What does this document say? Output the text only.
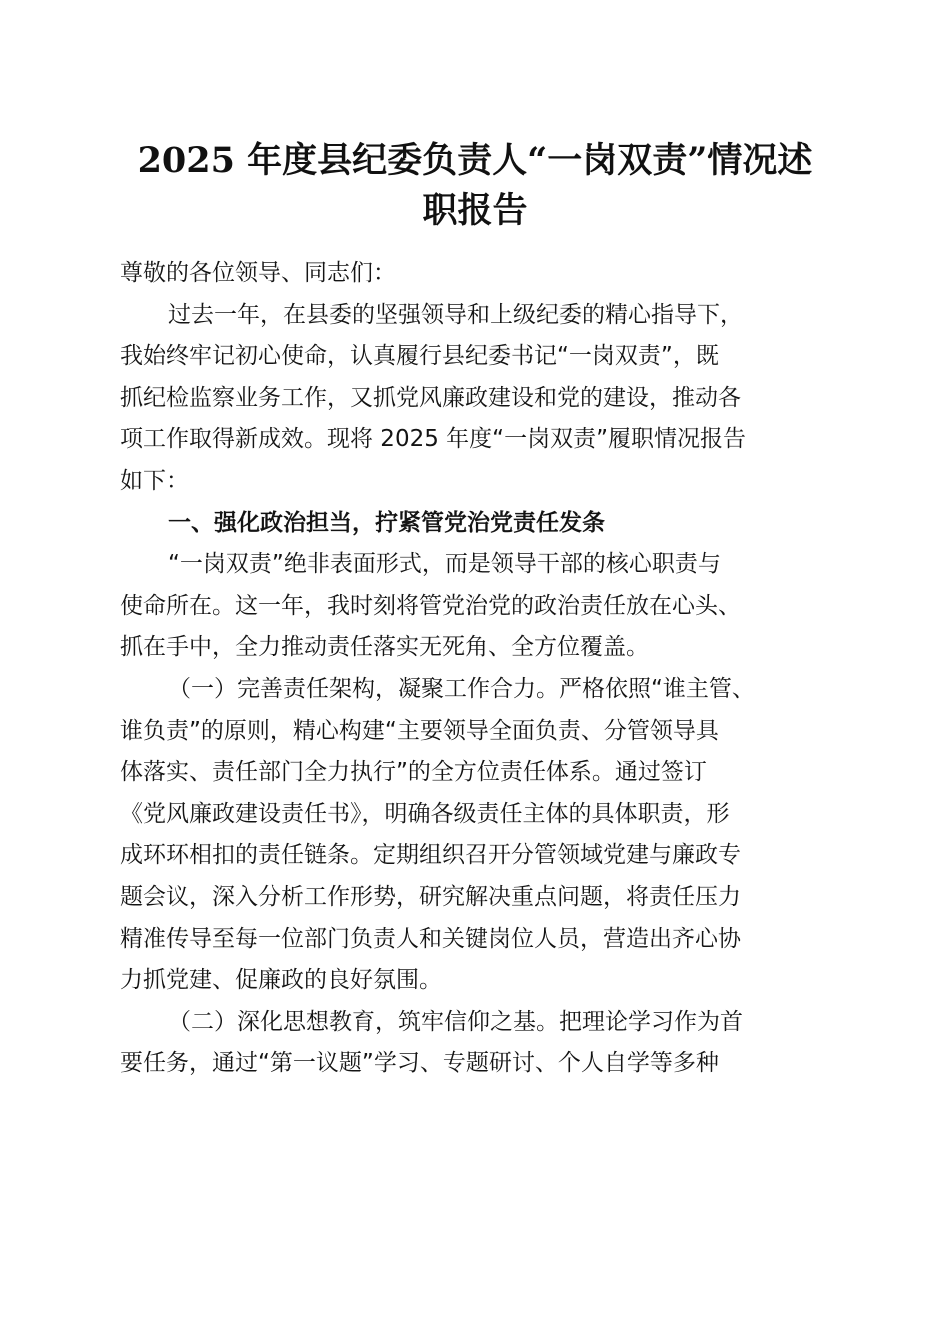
2025 年度县纪委负责人“一岗双责”情况述
职报告

尊敬的各位领导、同志们：

过去一年，在县委的坚强领导和上级纪委的精心指导下，
我始终牢记初心使命，认真履行县纪委书记“一岗双责”，既
抓纪检监察业务工作，又抓党风廉政建设和党的建设，推动各
项工作取得新成效。现将 2025 年度“一岗双责”履职情况报告
如下：

一、强化政治担当，拧紧管党治党责任发条

“一岗双责”绝非表面形式，而是领导干部的核心职责与
使命所在。这一年，我时刻将管党治党的政治责任放在心头、
抓在手中，全力推动责任落实无死角、全方位覆盖。

（一）完善责任架构，凝聚工作合力。严格依照“谁主管、
谁负责”的原则，精心构建“主要领导全面负责、分管领导具
体落实、责任部门全力执行”的全方位责任体系。通过签订
《党风廉政建设责任书》，明确各级责任主体的具体职责，形
成环环相扣的责任链条。定期组织召开分管领域党建与廉政专
题会议，深入分析工作形势，研究解决重点问题，将责任压力
精准传导至每一位部门负责人和关键岗位人员，营造出齐心协
力抓党建、促廉政的良好氛围。

（二）深化思想教育，筑牢信仰之基。把理论学习作为首
要任务，通过“第一议题”学习、专题研讨、个人自学等多种
